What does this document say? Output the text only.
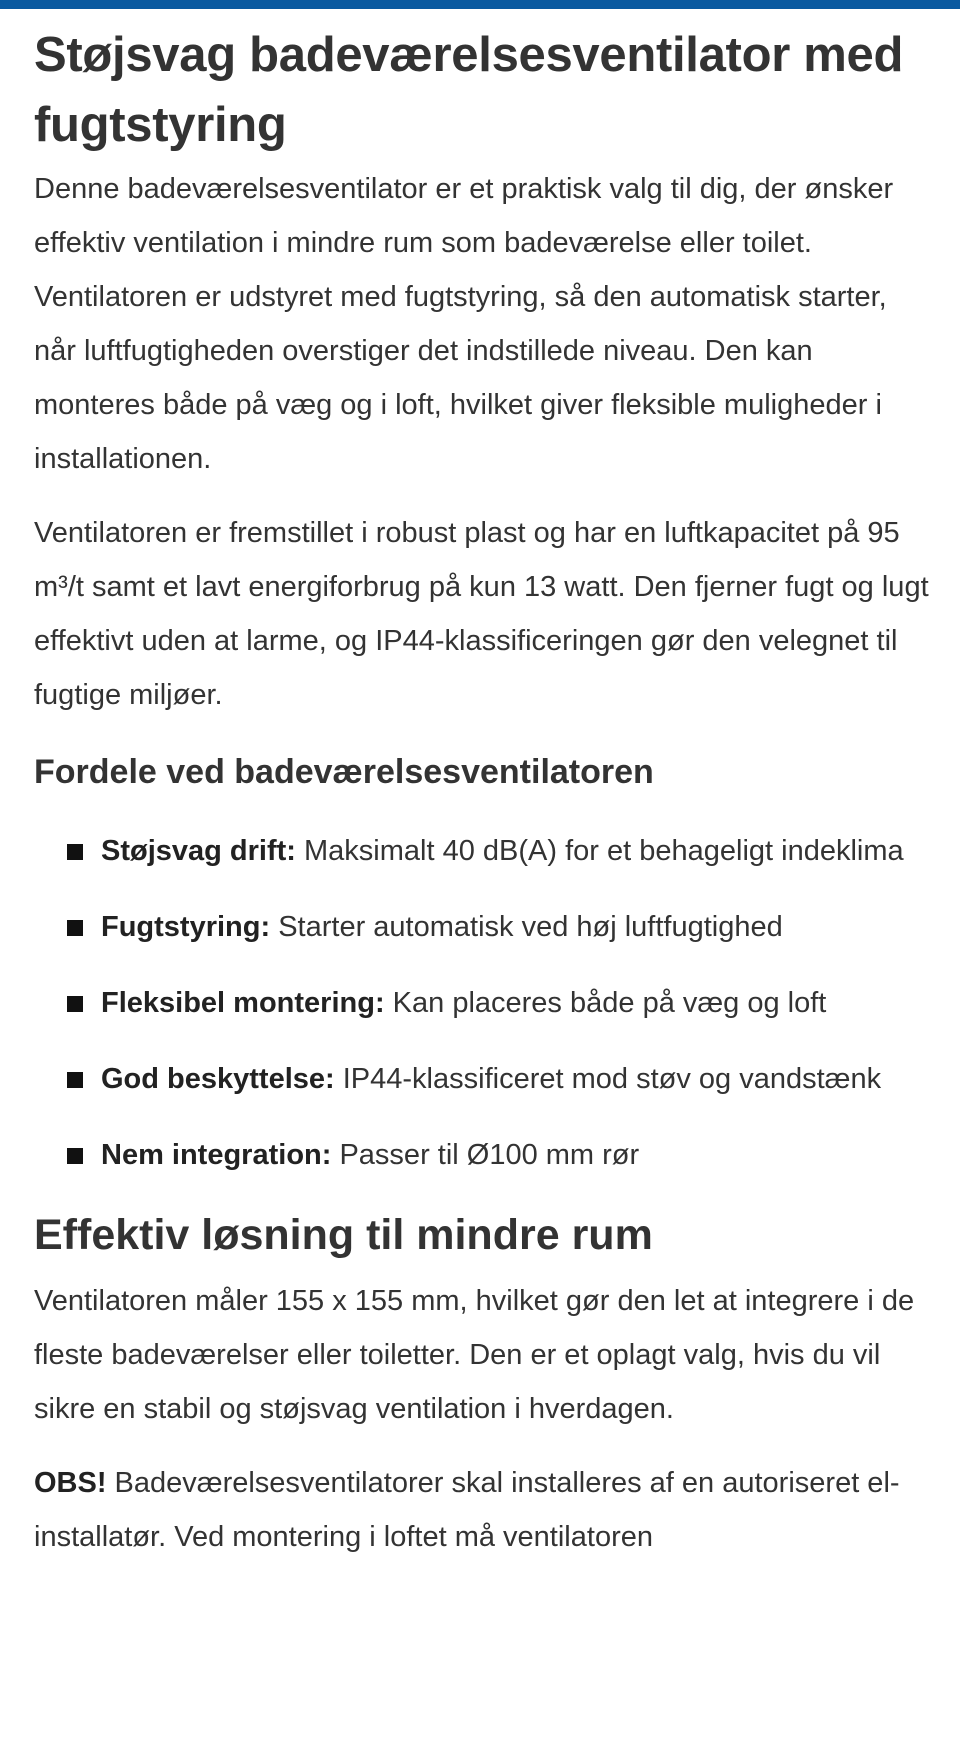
Støjsvag badeværelsesventilator med fugtstyring

Denne badeværelsesventilator er et praktisk valg til dig, der ønsker effektiv ventilation i mindre rum som badeværelse eller toilet. Ventilatoren er udstyret med fugtstyring, så den automatisk starter, når luftfugtigheden overstiger det indstillede niveau. Den kan monteres både på væg og i loft, hvilket giver fleksible muligheder i installationen.

Ventilatoren er fremstillet i robust plast og har en luftkapacitet på 95 m³/t samt et lavt energiforbrug på kun 13 watt. Den fjerner fugt og lugt effektivt uden at larme, og IP44-klassificeringen gør den velegnet til fugtige miljøer.

Fordele ved badeværelsesventilatoren
Støjsvag drift: Maksimalt 40 dB(A) for et behageligt indeklima
Fugtstyring: Starter automatisk ved høj luftfugtighed
Fleksibel montering: Kan placeres både på væg og loft
God beskyttelse: IP44-klassificeret mod støv og vandstænk
Nem integration: Passer til Ø100 mm rør
Effektiv løsning til mindre rum

Ventilatoren måler 155 x 155 mm, hvilket gør den let at integrere i de fleste badeværelser eller toiletter. Den er et oplagt valg, hvis du vil sikre en stabil og støjsvag ventilation i hverdagen.

OBS! Badeværelsesventilatorer skal installeres af en autoriseret el-installatør. Ved montering i loftet må ventilatoren
